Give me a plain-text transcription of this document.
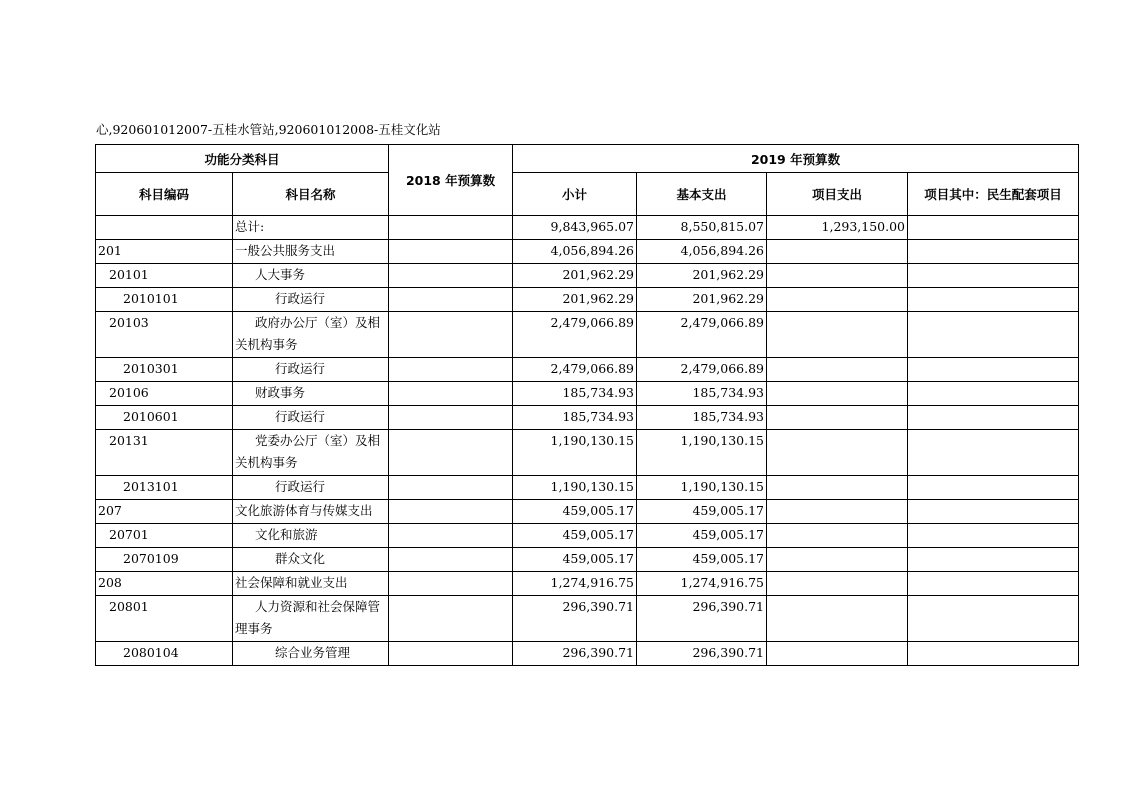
心,920601012007-五桂水管站,920601012008-五桂文化站
功能分类科目		2018 年预算数	2019 年预算数			
科目编码	科目名称		小计	基本支出	项目支出	项目其中：民生配套项目
	总计:		9,843,965.07	8,550,815.07	1,293,150.00	
201	一般公共服务支出		4,056,894.26	4,056,894.26		
20101	人大事务		201,962.29	201,962.29		
2010101	行政运行		201,962.29	201,962.29		
20103	政府办公厅（室）及相关机构事务		2,479,066.89	2,479,066.89		
2010301	行政运行		2,479,066.89	2,479,066.89		
20106	财政事务		185,734.93	185,734.93		
2010601	行政运行		185,734.93	185,734.93		
20131	党委办公厅（室）及相关机构事务		1,190,130.15	1,190,130.15		
2013101	行政运行		1,190,130.15	1,190,130.15		
207	文化旅游体育与传媒支出		459,005.17	459,005.17		
20701	文化和旅游		459,005.17	459,005.17		
2070109	群众文化		459,005.17	459,005.17		
208	社会保障和就业支出		1,274,916.75	1,274,916.75		
20801	人力资源和社会保障管理事务		296,390.71	296,390.71		
2080104	综合业务管理		296,390.71	296,390.71		
